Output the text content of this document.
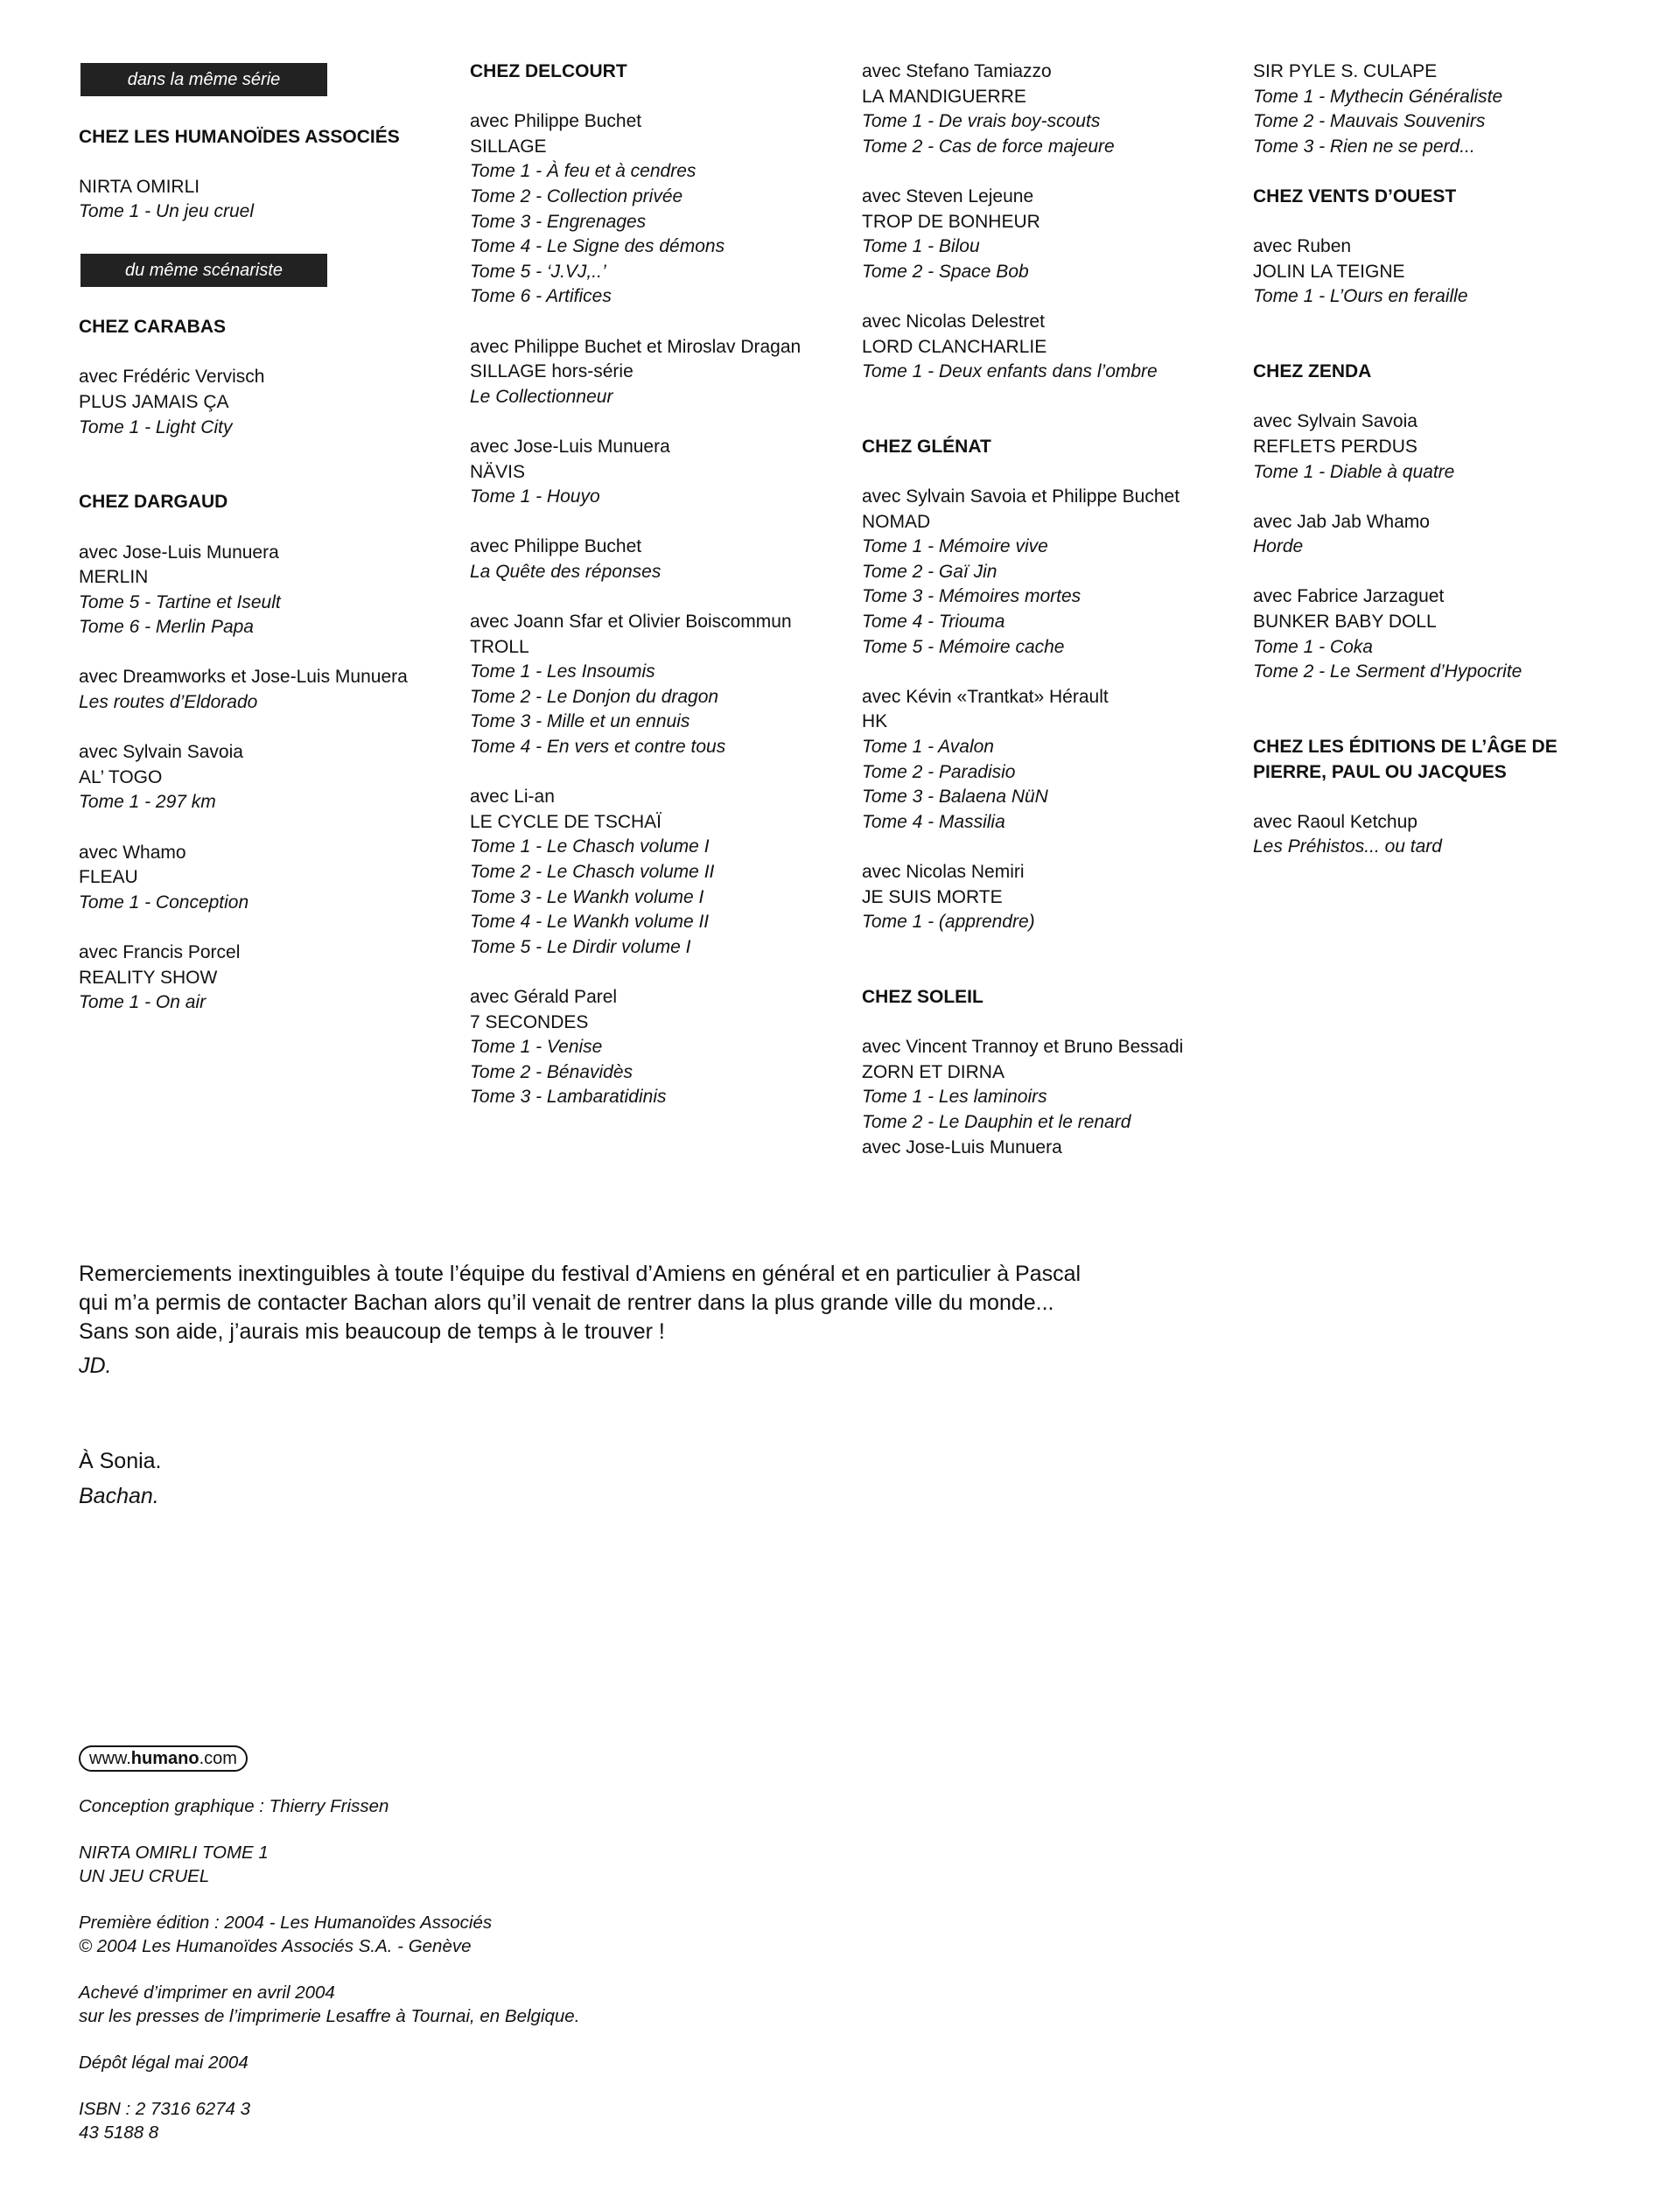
dans la même série
CHEZ LES HUMANOÏDES ASSOCIÉS
NIRTA OMIRLI
Tome 1 - Un jeu cruel
du même scénariste
CHEZ CARABAS
avec Frédéric Vervisch
PLUS JAMAIS ÇA
Tome 1 - Light City
CHEZ DARGAUD
avec Jose-Luis Munuera
MERLIN
Tome 5 - Tartine et Iseult
Tome 6 - Merlin Papa
avec Dreamworks et Jose-Luis Munuera
Les routes d’Eldorado
avec Sylvain Savoia
AL’ TOGO
Tome 1 - 297 km
avec Whamo
FLEAU
Tome 1 - Conception
avec Francis Porcel
REALITY SHOW
Tome 1 - On air
CHEZ DELCOURT
avec Philippe Buchet
SILLAGE
Tome 1 - À feu et à cendres
Tome 2 - Collection privée
Tome 3 - Engrenages
Tome 4 - Le Signe des démons
Tome 5 - ‘J.VJ,..’
Tome 6 - Artifices
avec Philippe Buchet et Miroslav Dragan
SILLAGE hors-série
Le Collectionneur
avec Jose-Luis Munuera
NÄVIS
Tome 1 - Houyo
avec Philippe Buchet
La Quête des réponses
avec Joann Sfar et Olivier Boiscommun
TROLL
Tome 1 - Les Insoumis
Tome 2 - Le Donjon du dragon
Tome 3 - Mille et un ennuis
Tome 4 - En vers et contre tous
avec Li-an
LE CYCLE DE TSCHAÏ
Tome 1 - Le Chasch volume I
Tome 2 - Le Chasch volume II
Tome 3 - Le Wankh volume I
Tome 4 - Le Wankh volume II
Tome 5 - Le Dirdir volume I
avec Gérald Parel
7 SECONDES
Tome 1 - Venise
Tome 2 - Bénavidès
Tome 3 - Lambaratidinis
avec Stefano Tamiazzo
LA MANDIGUERRE
Tome 1 - De vrais boy-scouts
Tome 2 - Cas de force majeure
avec Steven Lejeune
TROP DE BONHEUR
Tome 1 - Bilou
Tome 2 - Space Bob
avec Nicolas Delestret
LORD CLANCHARLIE
Tome 1 - Deux enfants dans l’ombre
CHEZ GLÉNAT
avec Sylvain Savoia et Philippe Buchet
NOMAD
Tome 1 - Mémoire vive
Tome 2 - Gaï Jin
Tome 3 - Mémoires mortes
Tome 4 - Triouma
Tome 5 - Mémoire cache
avec Kévin «Trantkat» Hérault
HK
Tome 1 - Avalon
Tome 2 - Paradisio
Tome 3 - Balaena NüN
Tome 4 - Massilia
avec Nicolas Nemiri
JE SUIS MORTE
Tome 1 - (apprendre)
CHEZ SOLEIL
avec Vincent Trannoy et Bruno Bessadi
ZORN ET DIRNA
Tome 1 - Les laminoirs
Tome 2 - Le Dauphin et le renard
avec Jose-Luis Munuera
SIR PYLE S. CULAPE
Tome 1 - Mythecin Généraliste
Tome 2 - Mauvais Souvenirs
Tome 3 - Rien ne se perd...
CHEZ VENTS D’OUEST
avec Ruben
JOLIN LA TEIGNE
Tome 1 - L’Ours en feraille
CHEZ ZENDA
avec Sylvain Savoia
REFLETS PERDUS
Tome 1 - Diable à quatre
avec Jab Jab Whamo
Horde
avec Fabrice Jarzaguet
BUNKER BABY DOLL
Tome 1 - Coka
Tome 2 - Le Serment d’Hypocrite
CHEZ LES ÉDITIONS DE L’ÂGE DE
PIERRE, PAUL OU JACQUES
avec Raoul Ketchup
Les Préhistos... ou tard
Remerciements inextinguibles à toute l’équipe du festival d’Amiens en général et en particulier à Pascal
qui m’a permis de contacter Bachan alors qu’il venait de rentrer dans la plus grande ville du monde...
Sans son aide, j’aurais mis beaucoup de temps à le trouver !
JD.
À Sonia.
Bachan.
www.humano.com
Conception graphique : Thierry Frissen
NIRTA OMIRLI TOME 1
UN JEU CRUEL
Première édition : 2004 - Les Humanoïdes Associés
© 2004 Les Humanoïdes Associés S.A. - Genève
Achevé d’imprimer en avril 2004
sur les presses de l’imprimerie Lesaffre à Tournai, en Belgique.
Dépôt légal mai 2004
ISBN : 2 7316 6274 3
43 5188 8
